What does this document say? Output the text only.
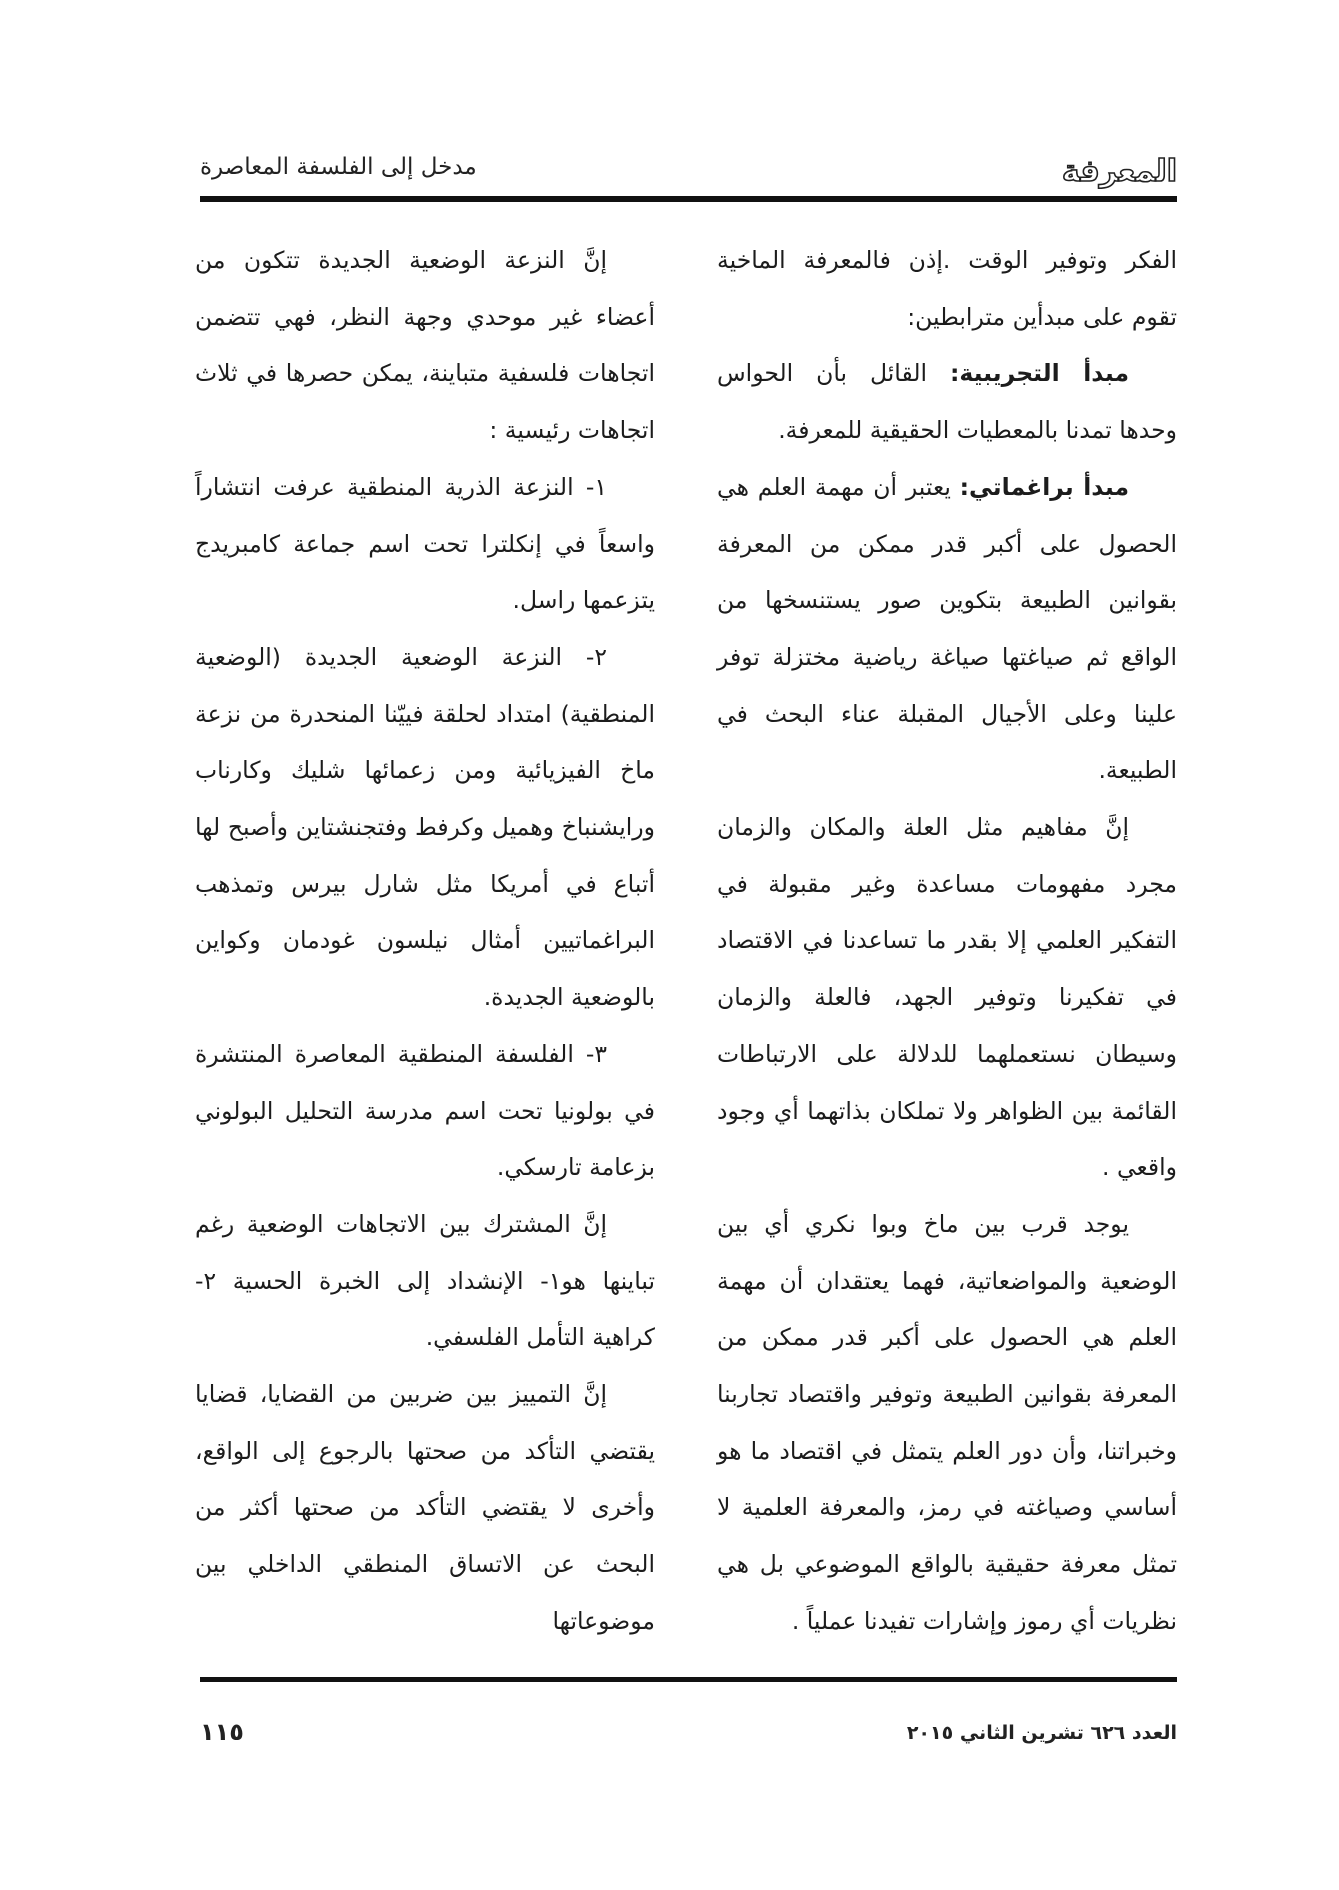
المعرفة
مدخل إلى الفلسفة المعاصرة

الفكر وتوفير الوقت .إذن فالمعرفة الماخية تقوم على مبدأين مترابطين:

مبدأ التجريبية: القائل بأن الحواس وحدها تمدنا بالمعطيات الحقيقية للمعرفة.

مبدأ براغماتي: يعتبر أن مهمة العلم هي الحصول على أكبر قدر ممكن من المعرفة بقوانين الطبيعة بتكوين صور يستنسخها من الواقع ثم صياغتها صياغة رياضية مختزلة توفر علينا وعلى الأجيال المقبلة عناء البحث في الطبيعة.

إنَّ مفاهيم مثل العلة والمكان والزمان مجرد مفهومات مساعدة وغير مقبولة في التفكير العلمي إلا بقدر ما تساعدنا في الاقتصاد في تفكيرنا وتوفير الجهد، فالعلة والزمان وسيطان نستعملهما للدلالة على الارتباطات القائمة بين الظواهر ولا تملكان بذاتهما أي وجود واقعي .

يوجد قرب بين ماخ وبوا نكري أي بين الوضعية والمواضعاتية، فهما يعتقدان أن مهمة العلم هي الحصول على أكبر قدر ممكن من المعرفة بقوانين الطبيعة وتوفير واقتصاد تجاربنا وخبراتنا، وأن دور العلم يتمثل في اقتصاد ما هو أساسي وصياغته في رمز، والمعرفة العلمية لا تمثل معرفة حقيقية بالواقع الموضوعي بل هي نظريات أي رموز وإشارات تفيدنا عملياً .

إنَّ النزعة الوضعية الجديدة تتكون من أعضاء غير موحدي وجهة النظر، فهي تتضمن اتجاهات فلسفية متباينة، يمكن حصرها في ثلاث اتجاهات رئيسية :

١- النزعة الذرية المنطقية عرفت انتشاراً واسعاً في إنكلترا تحت اسم جماعة كامبريدج يتزعمها راسل.

٢- النزعة الوضعية الجديدة (الوضعية المنطقية) امتداد لحلقة فييّنا المنحدرة من نزعة ماخ الفيزيائية ومن زعمائها شليك وكارناب ورايشنباخ وهميل وكرفط وفتجنشتاين وأصبح لها أتباع في أمريكا مثل شارل بيرس وتمذهب البراغماتيين أمثال نيلسون غودمان وكواين بالوضعية الجديدة.

٣- الفلسفة المنطقية المعاصرة المنتشرة في بولونيا تحت اسم مدرسة التحليل البولوني بزعامة تارسكي.

إنَّ المشترك بين الاتجاهات الوضعية رغم تباينها هو١- الإنشداد إلى الخبرة الحسية ٢- كراهية التأمل الفلسفي.

إنَّ التمييز بين ضربين من القضايا، قضايا يقتضي التأكد من صحتها بالرجوع إلى الواقع، وأخرى لا يقتضي التأكد من صحتها أكثر من البحث عن الاتساق المنطقي الداخلي بين موضوعاتها

العدد ٦٢٦ تشرين الثاني ٢٠١٥
١١٥
